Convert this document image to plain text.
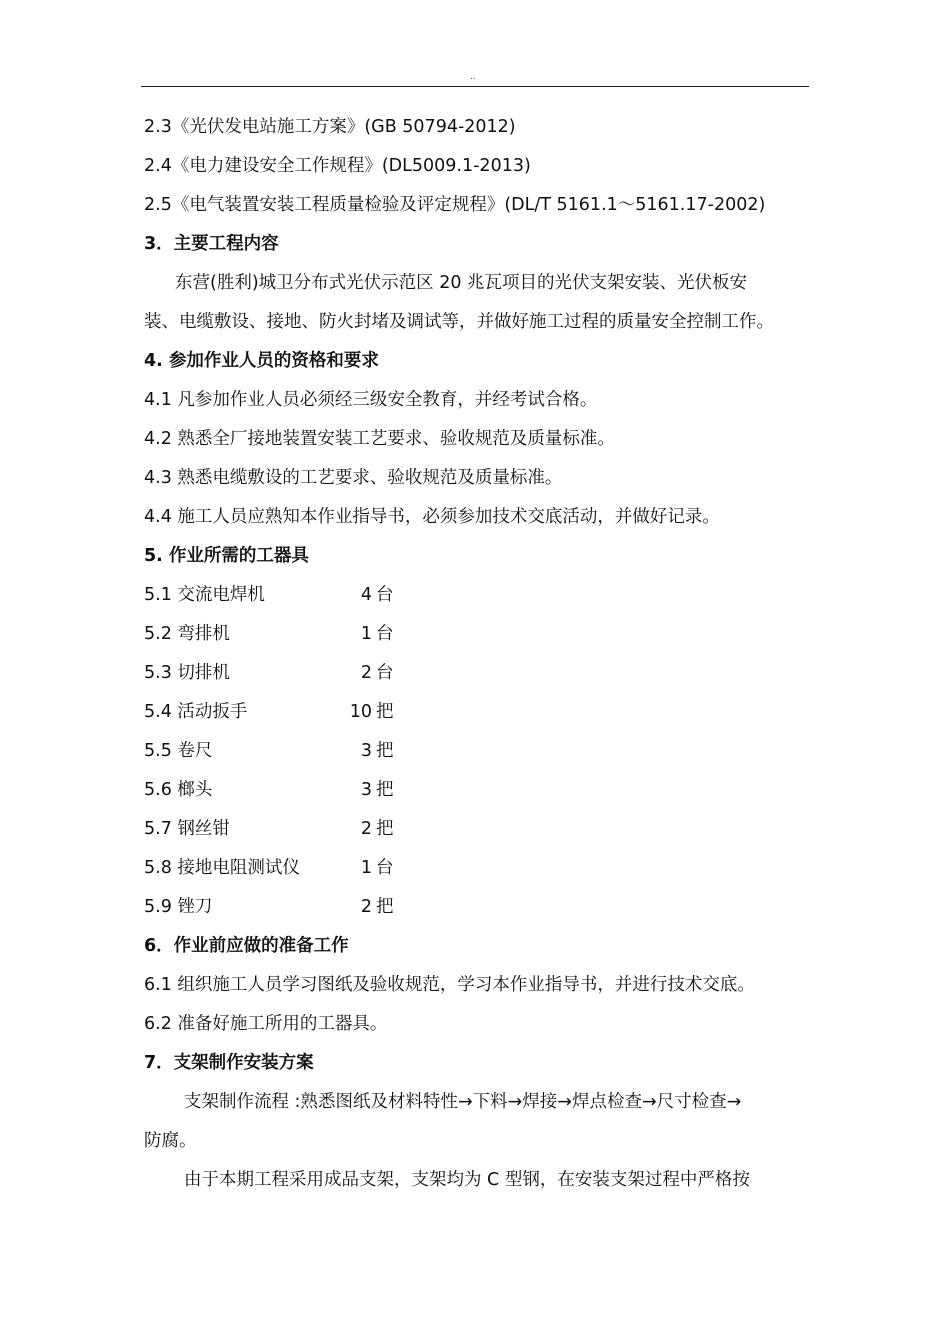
..
2.3《光伏发电站施工方案》(GB 50794-2012)
2.4《电力建设安全工作规程》(DL5009.1-2013)
2.5《电气装置安装工程质量检验及评定规程》(DL/T 5161.1～5161.17-2002)
3．主要工程内容
东营(胜利)城卫分布式光伏示范区 20 兆瓦项目的光伏支架安装、光伏板安
装、电缆敷设、接地、防火封堵及调试等，并做好施工过程的质量安全控制工作。
4. 参加作业人员的资格和要求
4.1 凡参加作业人员必须经三级安全教育，并经考试合格。
4.2 熟悉全厂接地装置安装工艺要求、验收规范及质量标准。
4.3 熟悉电缆敷设的工艺要求、验收规范及质量标准。
4.4 施工人员应熟知本作业指导书，必须参加技术交底活动，并做好记录。
5. 作业所需的工器具
5.1 交流电焊机	4 台
5.2 弯排机	1 台
5.3 切排机	2 台
5.4 活动扳手	10 把
5.5 卷尺	3 把
5.6 榔头	3 把
5.7 钢丝钳	2 把
5.8 接地电阻测试仪	1 台
5.9 锉刀	2 把
6．作业前应做的准备工作
6.1 组织施工人员学习图纸及验收规范，学习本作业指导书，并进行技术交底。
6.2 准备好施工所用的工器具。
7．支架制作安装方案
支架制作流程 :熟悉图纸及材料特性→下料→焊接→焊点检查→尺寸检查→
防腐。
由于本期工程采用成品支架，支架均为 C 型钢，在安装支架过程中严格按
